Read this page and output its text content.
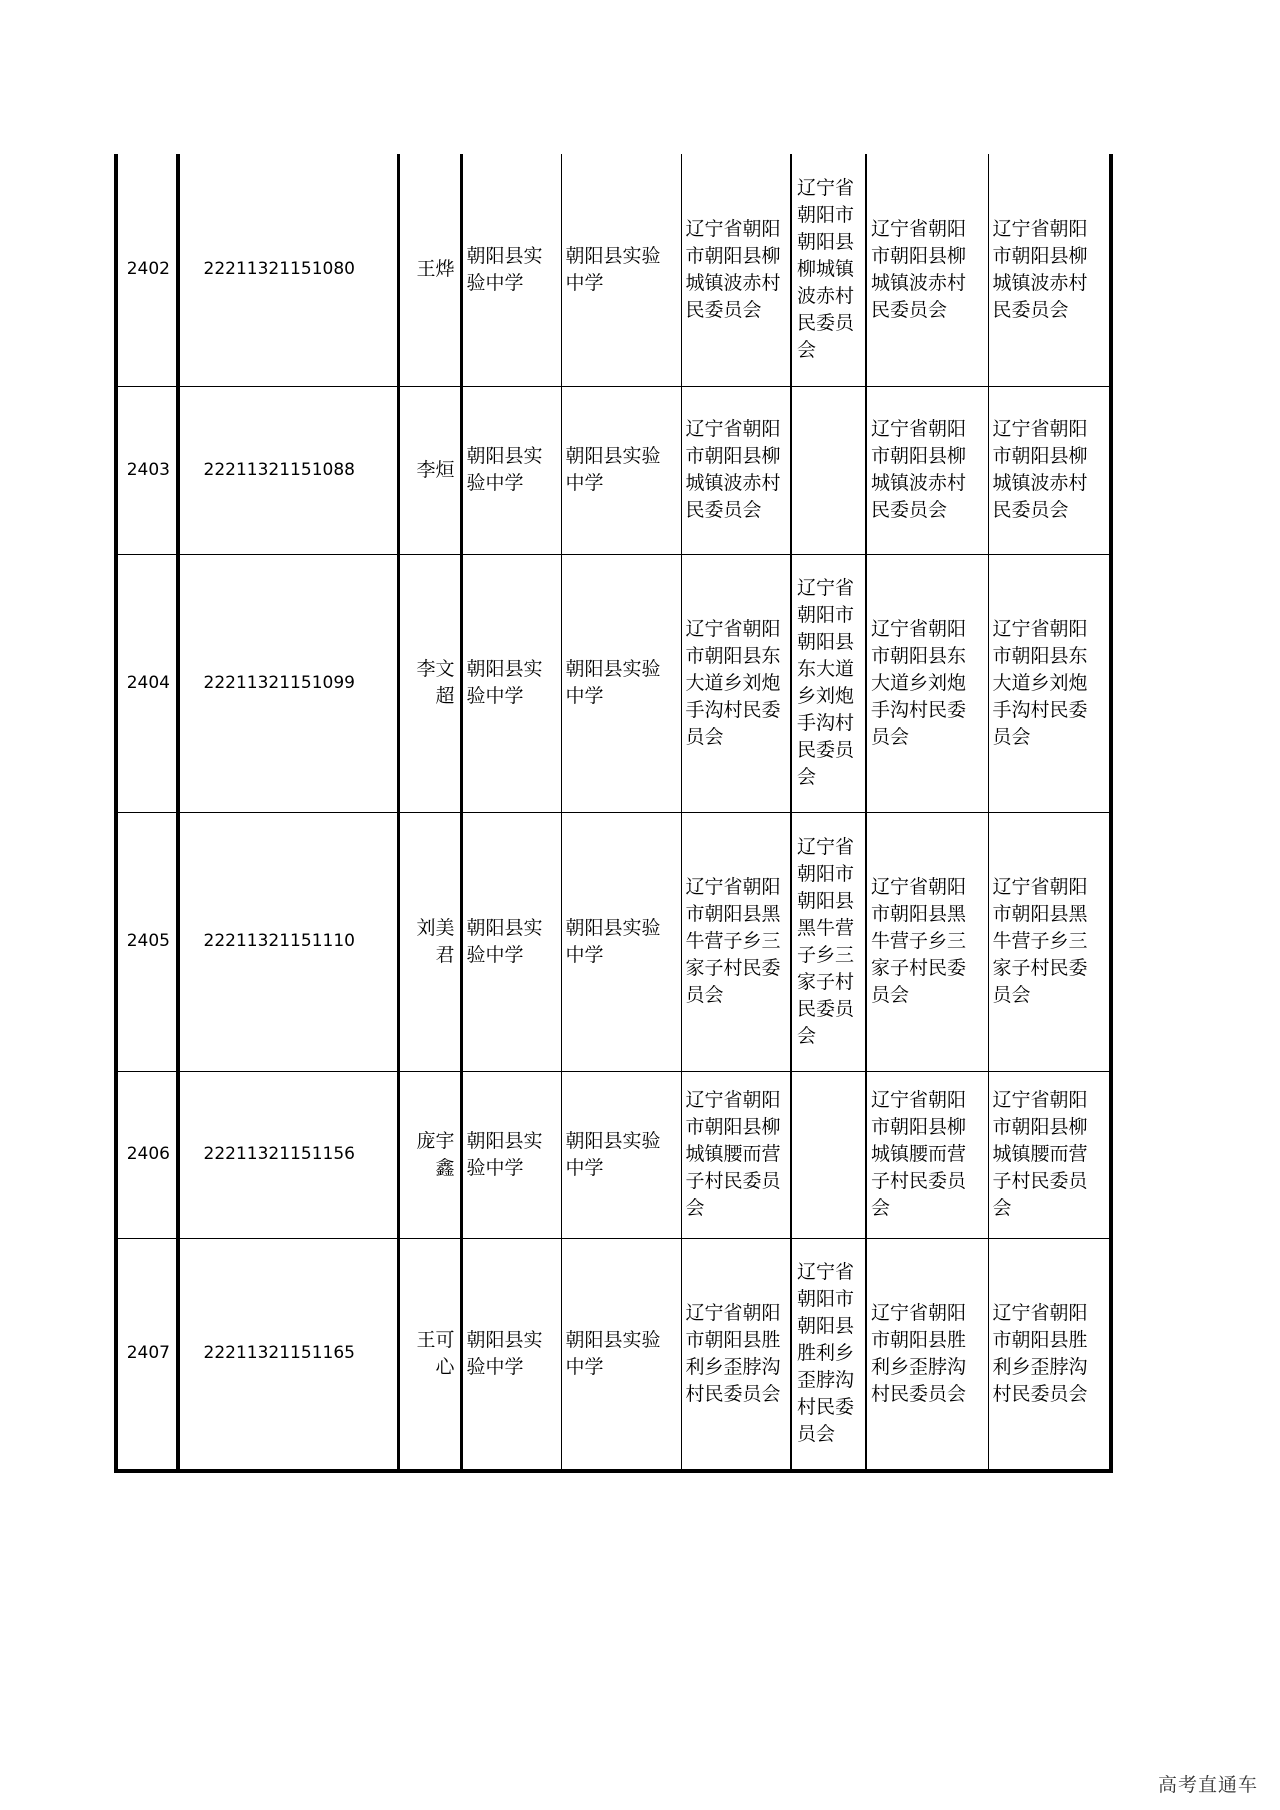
2402	22211321151080	王烨	朝阳县实验中学	朝阳县实验中学	辽宁省朝阳市朝阳县柳城镇波赤村民委员会	辽宁省朝阳市朝阳县柳城镇波赤村民委员会	辽宁省朝阳市朝阳县柳城镇波赤村民委员会	辽宁省朝阳市朝阳县柳城镇波赤村民委员会
2403	22211321151088	李烜	朝阳县实验中学	朝阳县实验中学	辽宁省朝阳市朝阳县柳城镇波赤村民委员会		辽宁省朝阳市朝阳县柳城镇波赤村民委员会	辽宁省朝阳市朝阳县柳城镇波赤村民委员会
2404	22211321151099	李文超	朝阳县实验中学	朝阳县实验中学	辽宁省朝阳市朝阳县东大道乡刘炮手沟村民委员会	辽宁省朝阳市朝阳县东大道乡刘炮手沟村民委员会	辽宁省朝阳市朝阳县东大道乡刘炮手沟村民委员会	辽宁省朝阳市朝阳县东大道乡刘炮手沟村民委员会
2405	22211321151110	刘美君	朝阳县实验中学	朝阳县实验中学	辽宁省朝阳市朝阳县黑牛营子乡三家子村民委员会	辽宁省朝阳市朝阳县黑牛营子乡三家子村民委员会	辽宁省朝阳市朝阳县黑牛营子乡三家子村民委员会	辽宁省朝阳市朝阳县黑牛营子乡三家子村民委员会
2406	22211321151156	庞宇鑫	朝阳县实验中学	朝阳县实验中学	辽宁省朝阳市朝阳县柳城镇腰而营子村民委员会		辽宁省朝阳市朝阳县柳城镇腰而营子村民委员会	辽宁省朝阳市朝阳县柳城镇腰而营子村民委员会
2407	22211321151165	王可心	朝阳县实验中学	朝阳县实验中学	辽宁省朝阳市朝阳县胜利乡歪脖沟村民委员会	辽宁省朝阳市朝阳县胜利乡歪脖沟村民委员会	辽宁省朝阳市朝阳县胜利乡歪脖沟村民委员会	辽宁省朝阳市朝阳县胜利乡歪脖沟村民委员会
高考直通车
